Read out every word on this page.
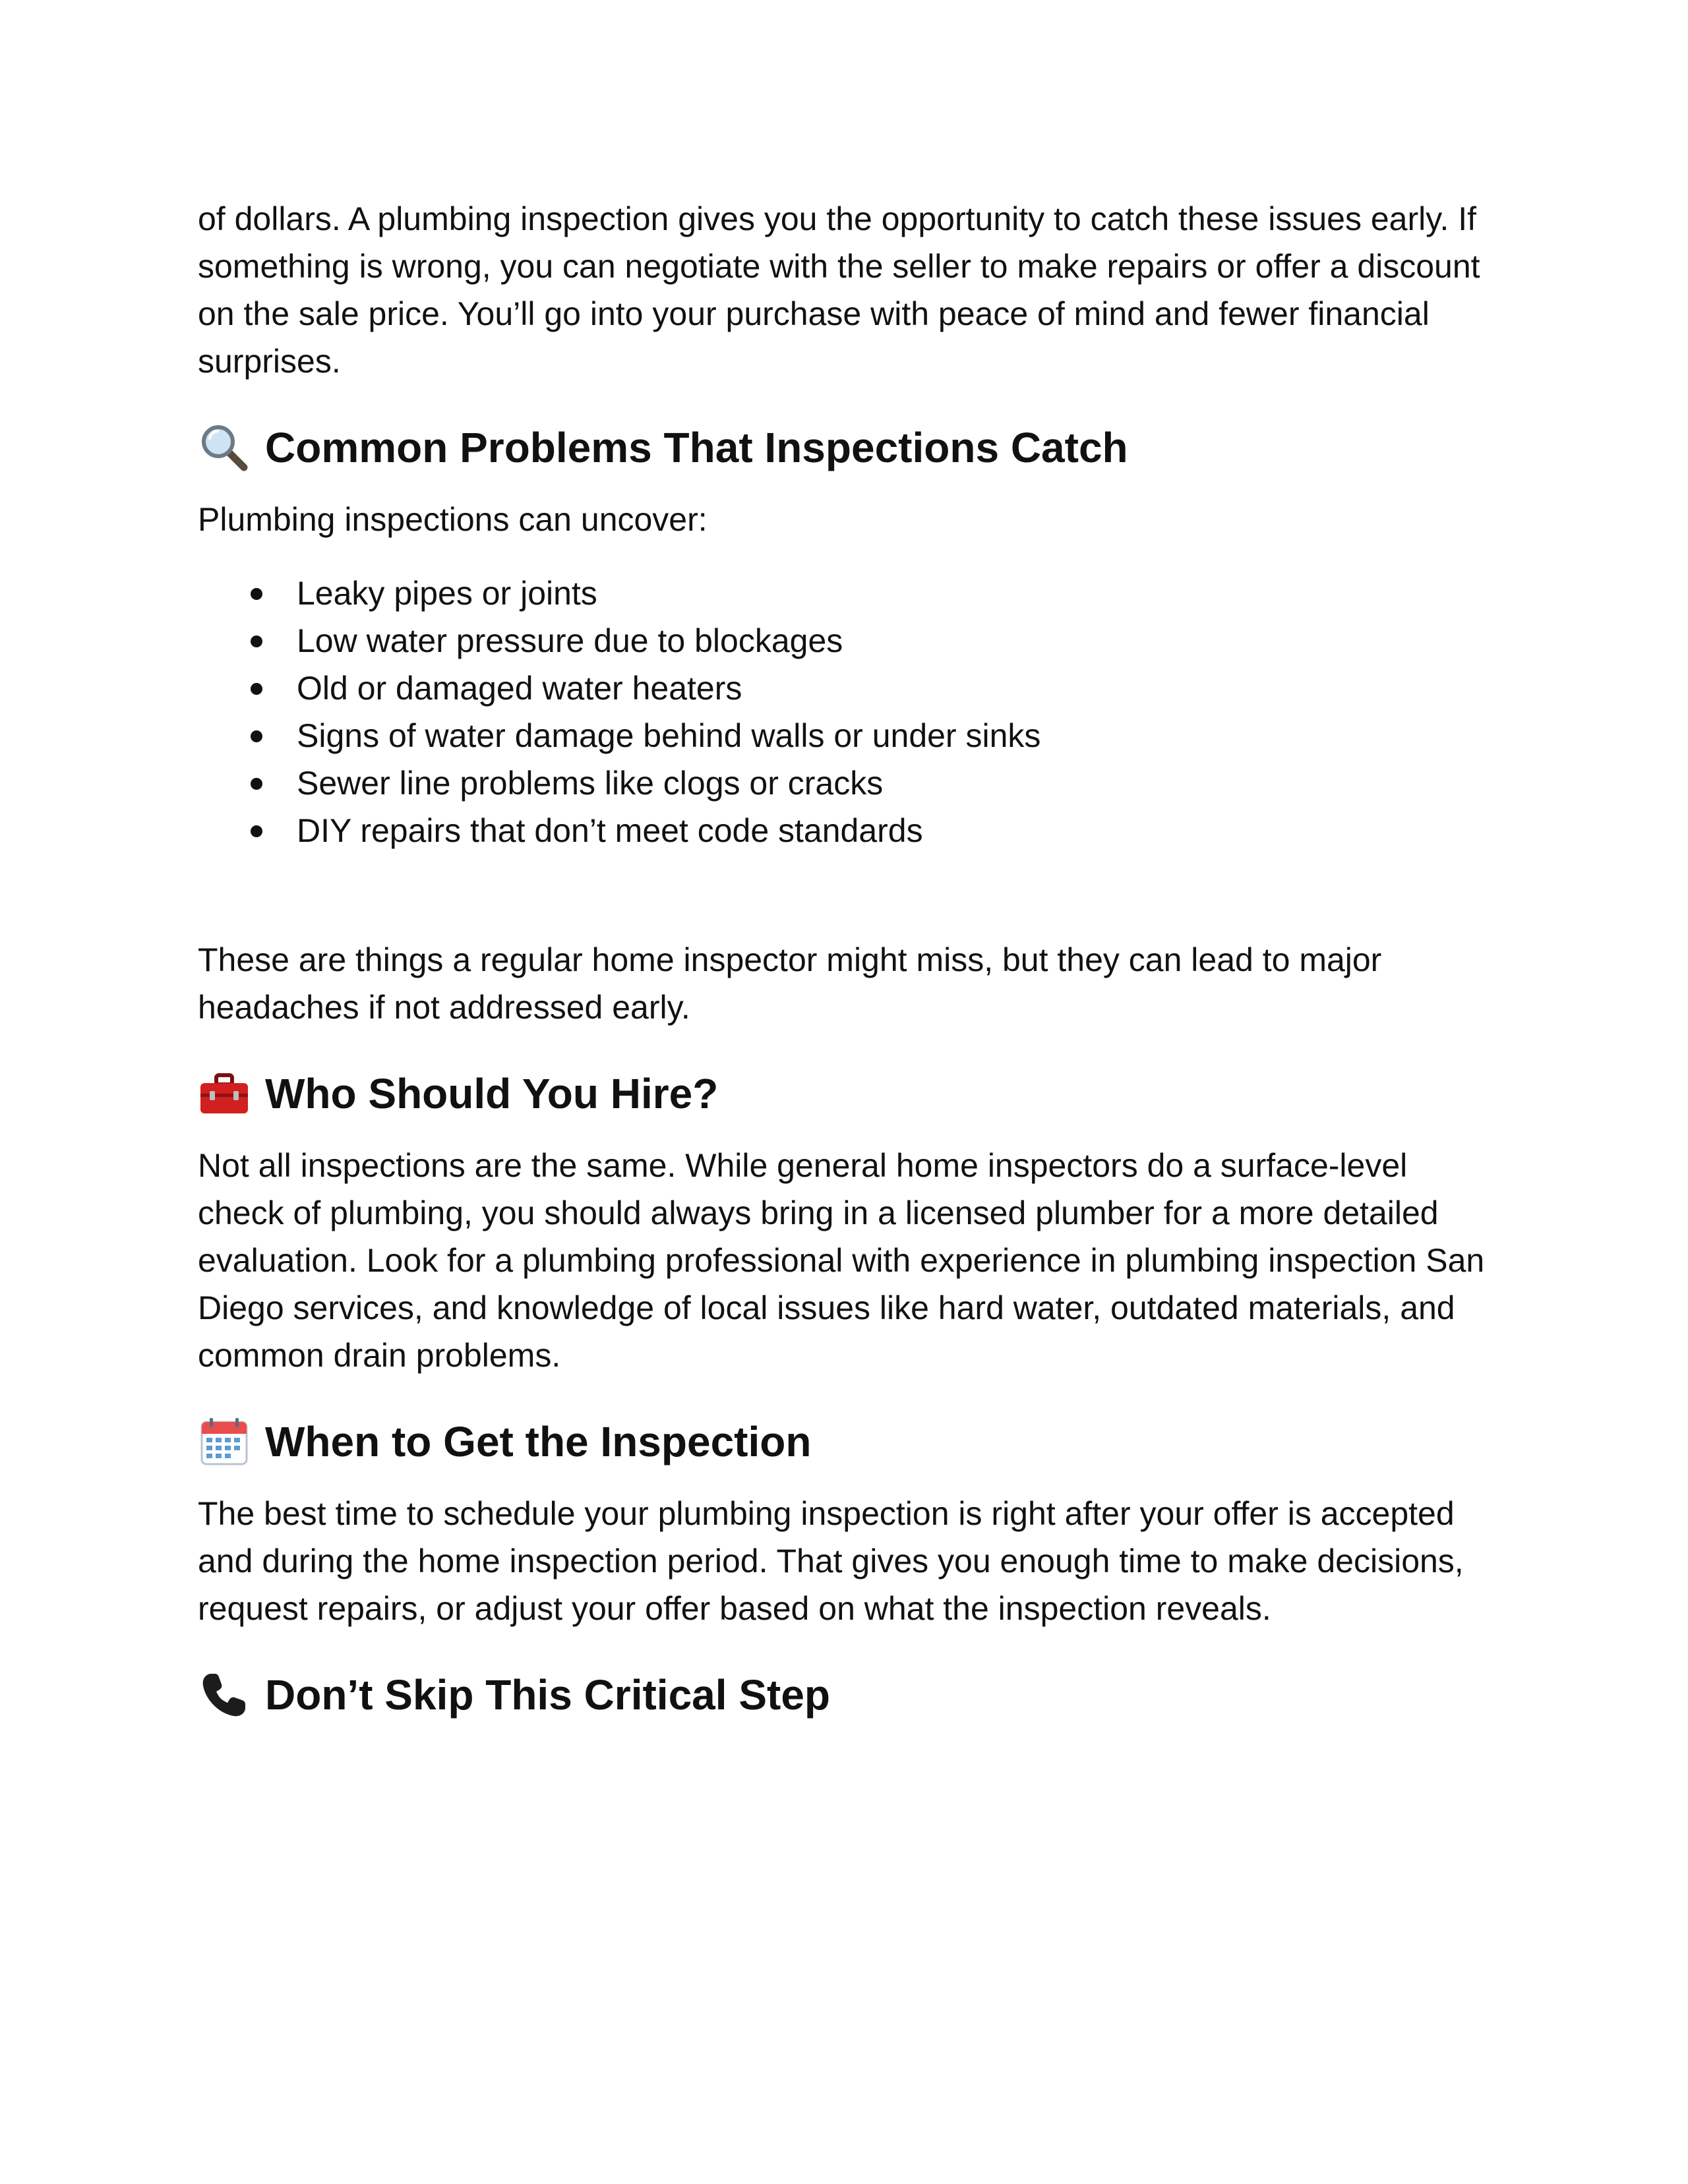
of dollars. A plumbing inspection gives you the opportunity to catch these issues early. If something is wrong, you can negotiate with the seller to make repairs or offer a discount on the sale price. You’ll go into your purchase with peace of mind and fewer financial surprises.

Common Problems That Inspections Catch

Plumbing inspections can uncover:

Leaky pipes or joints
Low water pressure due to blockages
Old or damaged water heaters
Signs of water damage behind walls or under sinks
Sewer line problems like clogs or cracks
DIY repairs that don’t meet code standards

These are things a regular home inspector might miss, but they can lead to major headaches if not addressed early.

Who Should You Hire?

Not all inspections are the same. While general home inspectors do a surface-level check of plumbing, you should always bring in a licensed plumber for a more detailed evaluation. Look for a plumbing professional with experience in plumbing inspection San Diego services, and knowledge of local issues like hard water, outdated materials, and common drain problems.

When to Get the Inspection

The best time to schedule your plumbing inspection is right after your offer is accepted and during the home inspection period. That gives you enough time to make decisions, request repairs, or adjust your offer based on what the inspection reveals.

Don’t Skip This Critical Step
